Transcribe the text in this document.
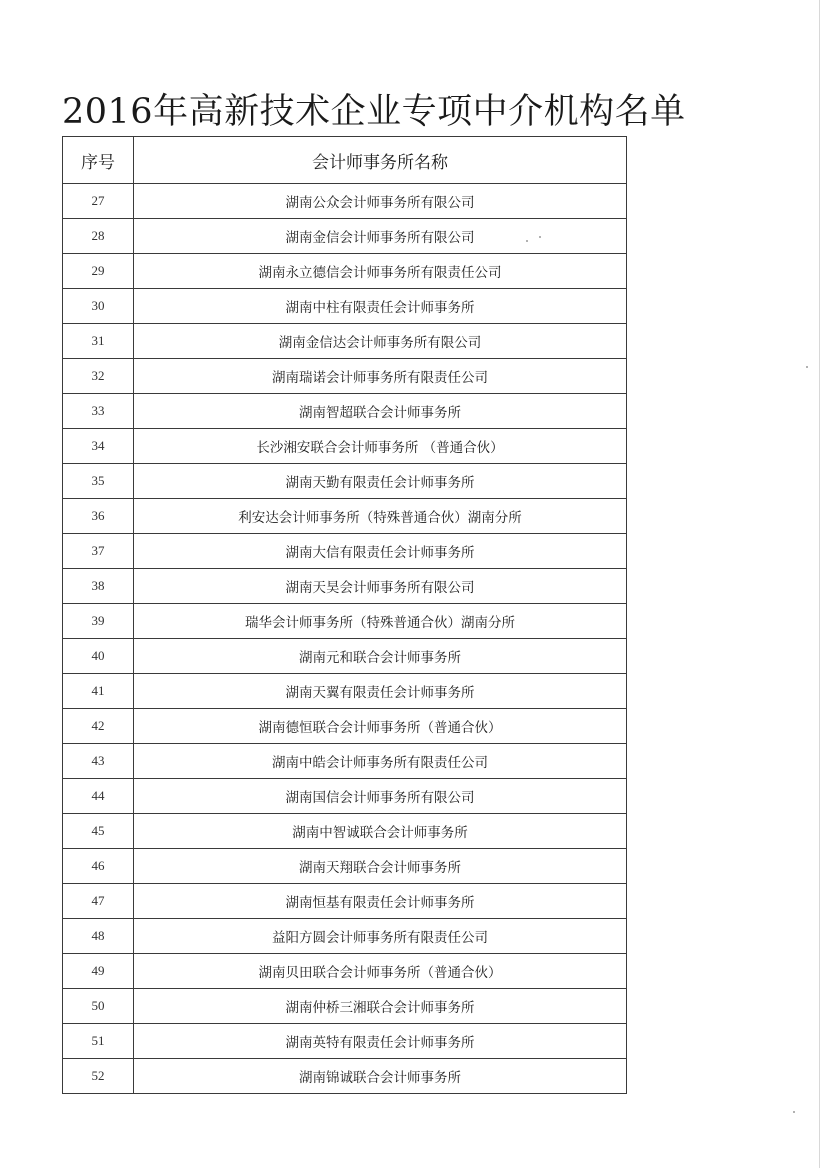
2016年高新技术企业专项中介机构名单
序号	会计师事务所名称
27	湖南公众会计师事务所有限公司
28	湖南金信会计师事务所有限公司
29	湖南永立德信会计师事务所有限责任公司
30	湖南中柱有限责任会计师事务所
31	湖南金信达会计师事务所有限公司
32	湖南瑞诺会计师事务所有限责任公司
33	湖南智超联合会计师事务所
34	长沙湘安联合会计师事务所 （普通合伙）
35	湖南天勤有限责任会计师事务所
36	利安达会计师事务所（特殊普通合伙）湖南分所
37	湖南大信有限责任会计师事务所
38	湖南天昊会计师事务所有限公司
39	瑞华会计师事务所（特殊普通合伙）湖南分所
40	湖南元和联合会计师事务所
41	湖南天翼有限责任会计师事务所
42	湖南德恒联合会计师事务所（普通合伙）
43	湖南中皓会计师事务所有限责任公司
44	湖南国信会计师事务所有限公司
45	湖南中智诚联合会计师事务所
46	湖南天翔联合会计师事务所
47	湖南恒基有限责任会计师事务所
48	益阳方圆会计师事务所有限责任公司
49	湖南贝田联合会计师事务所（普通合伙）
50	湖南仲桥三湘联合会计师事务所
51	湖南英特有限责任会计师事务所
52	湖南锦诚联合会计师事务所
